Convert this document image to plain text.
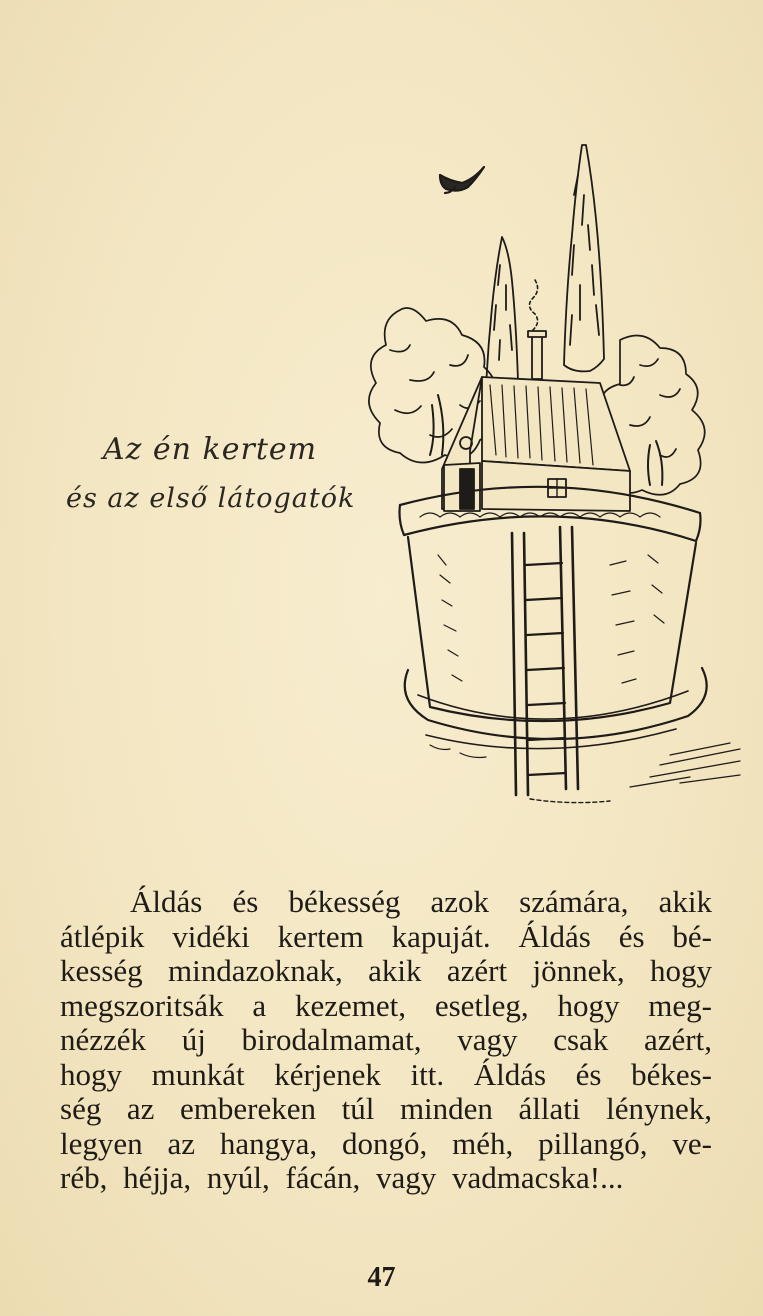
Az én kertem
és az első látogatók
Áldás és békesség azok számára, akik
átlépik vidéki kertem kapuját. Áldás és bé-
kesség mindazoknak, akik azért jönnek, hogy
megszoritsák a kezemet, esetleg, hogy meg-
nézzék új birodalmamat, vagy csak azért,
hogy munkát kérjenek itt. Áldás és békes-
ség az embereken túl minden állati lénynek,
legyen az hangya, dongó, méh, pillangó, ve-
réb, héjja, nyúl, fácán, vagy vadmacska!...
47
